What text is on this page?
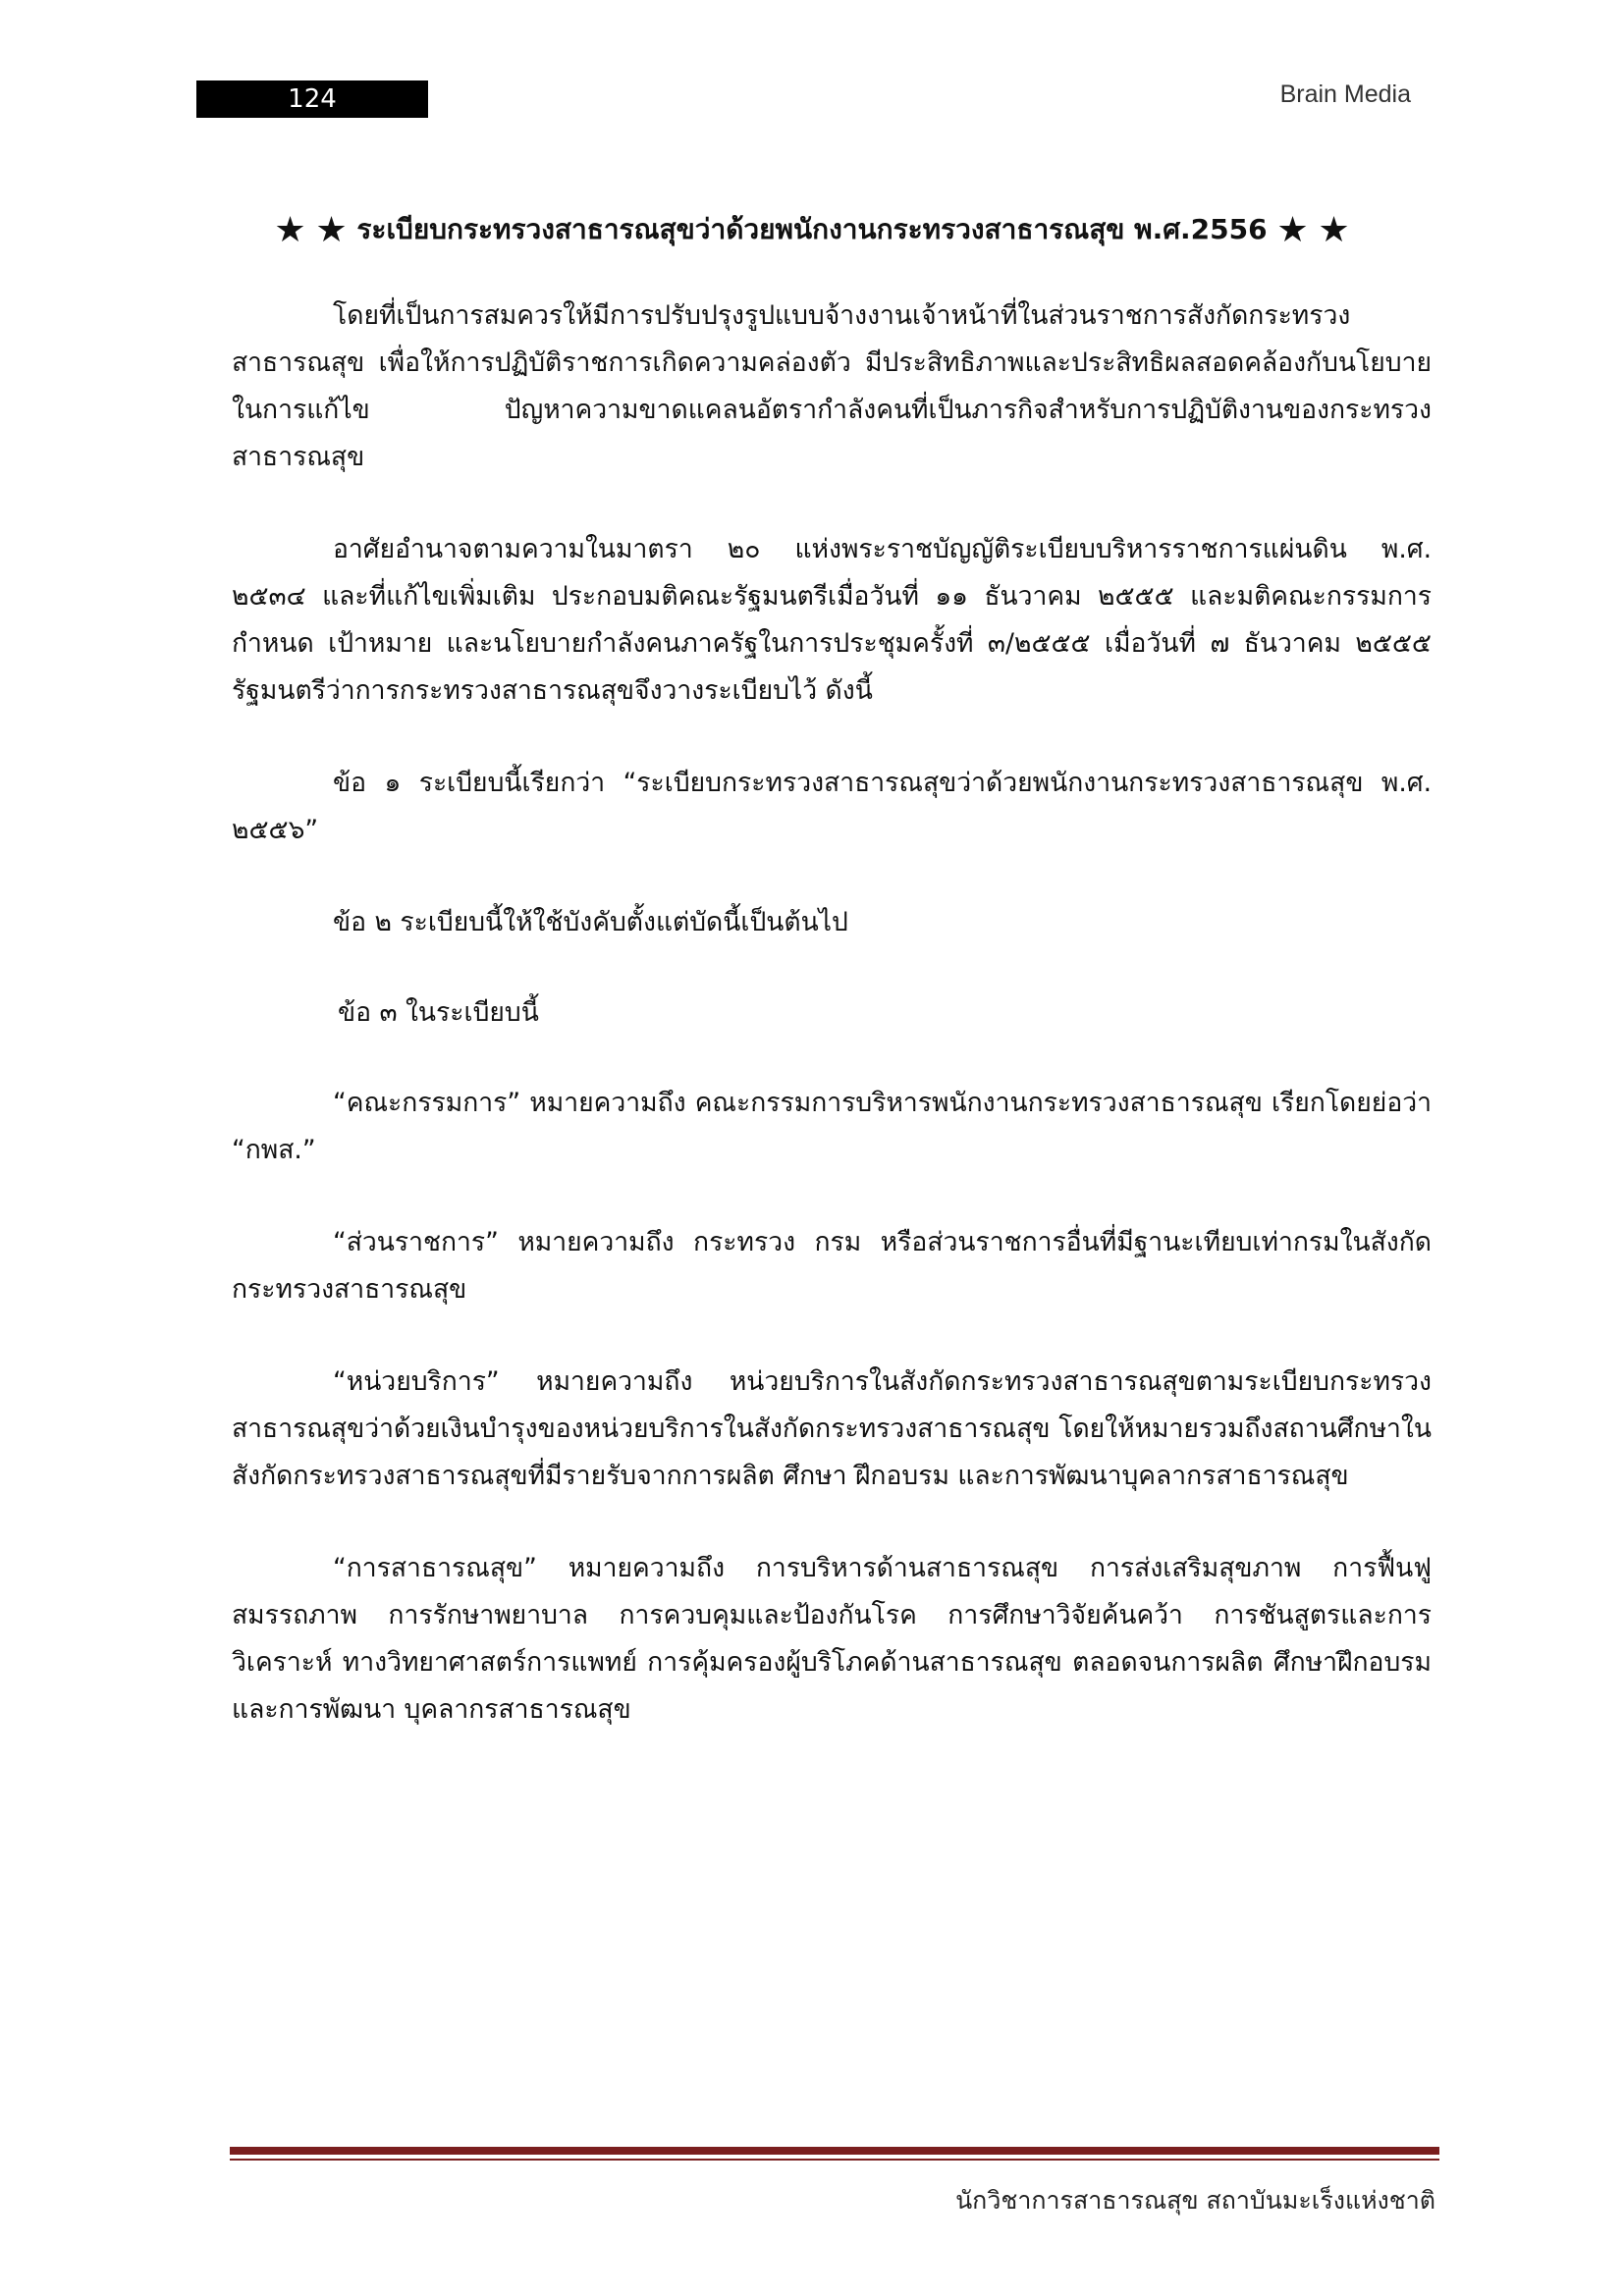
124	Brain Media
★ ★ ระเบียบกระทรวงสาธารณสุขว่าด้วยพนักงานกระทรวงสาธารณสุข พ.ศ.2556 ★ ★

โดยที่เป็นการสมควรให้มีการปรับปรุงรูปแบบจ้างงานเจ้าหน้าที่ในส่วนราชการสังกัดกระทรวงสาธารณสุข เพื่อให้การปฏิบัติราชการเกิดความคล่องตัว มีประสิทธิภาพและประสิทธิผลสอดคล้องกับนโยบายในการแก้ไข ปัญหาความขาดแคลนอัตรากำลังคนที่เป็นภารกิจสำหรับการปฏิบัติงานของกระทรวงสาธารณสุข

อาศัยอำนาจตามความในมาตรา ๒๐ แห่งพระราชบัญญัติระเบียบบริหารราชการแผ่นดิน พ.ศ. ๒๕๓๔ และที่แก้ไขเพิ่มเติม ประกอบมติคณะรัฐมนตรีเมื่อวันที่ ๑๑ ธันวาคม ๒๕๕๕ และมติคณะกรรมการกำหนด เป้าหมาย และนโยบายกำลังคนภาครัฐในการประชุมครั้งที่ ๓/๒๕๕๕ เมื่อวันที่ ๗ ธันวาคม ๒๕๕๕ รัฐมนตรีว่าการกระทรวงสาธารณสุขจึงวางระเบียบไว้ ดังนี้

ข้อ ๑ ระเบียบนี้เรียกว่า “ระเบียบกระทรวงสาธารณสุขว่าด้วยพนักงานกระทรวงสาธารณสุข พ.ศ. ๒๕๕๖”

ข้อ ๒ ระเบียบนี้ให้ใช้บังคับตั้งแต่บัดนี้เป็นต้นไป

ข้อ ๓ ในระเบียบนี้

“คณะกรรมการ” หมายความถึง คณะกรรมการบริหารพนักงานกระทรวงสาธารณสุข เรียกโดยย่อว่า “กพส.”

“ส่วนราชการ” หมายความถึง กระทรวง กรม หรือส่วนราชการอื่นที่มีฐานะเทียบเท่ากรมในสังกัดกระทรวงสาธารณสุข

“หน่วยบริการ” หมายความถึง หน่วยบริการในสังกัดกระทรวงสาธารณสุขตามระเบียบกระทรวงสาธารณสุขว่าด้วยเงินบำรุงของหน่วยบริการในสังกัดกระทรวงสาธารณสุข โดยให้หมายรวมถึงสถานศึกษาใน สังกัดกระทรวงสาธารณสุขที่มีรายรับจากการผลิต ศึกษา ฝึกอบรม และการพัฒนาบุคลากรสาธารณสุข

“การสาธารณสุข” หมายความถึง การบริหารด้านสาธารณสุข การส่งเสริมสุขภาพ การฟื้นฟูสมรรถภาพ การรักษาพยาบาล การควบคุมและป้องกันโรค การศึกษาวิจัยค้นคว้า การชันสูตรและการวิเคราะห์ ทางวิทยาศาสตร์การแพทย์ การคุ้มครองผู้บริโภคด้านสาธารณสุข ตลอดจนการผลิต ศึกษาฝึกอบรม และการพัฒนา บุคลากรสาธารณสุข

นักวิชาการสาธารณสุข สถาบันมะเร็งแห่งชาติ
